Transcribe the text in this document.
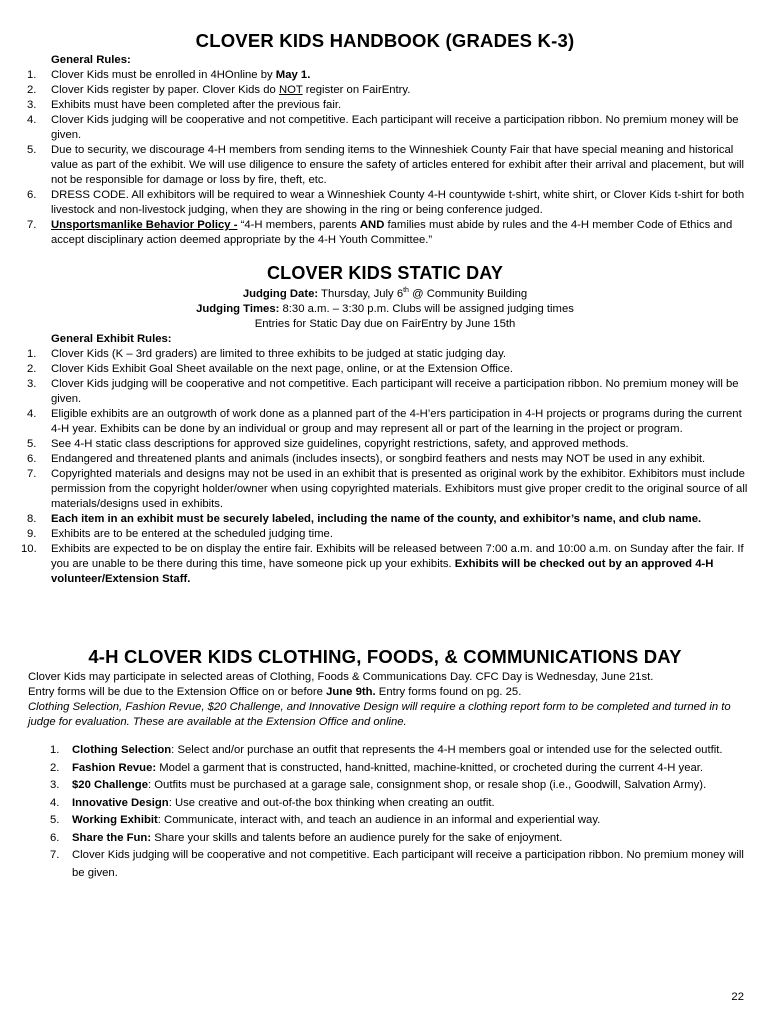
CLOVER KIDS HANDBOOK (GRADES K-3)
General Rules:
1.	Clover Kids must be enrolled in 4HOnline by May 1.
2.	Clover Kids register by paper. Clover Kids do NOT register on FairEntry.
3.	Exhibits must have been completed after the previous fair.
4.	Clover Kids judging will be cooperative and not competitive. Each participant will receive a participation ribbon. No premium money will be given.
5.	Due to security, we discourage 4-H members from sending items to the Winneshiek County Fair that have special meaning and historical value as part of the exhibit. We will use diligence to ensure the safety of articles entered for exhibit after their arrival and placement, but will not be responsible for damage or loss by fire, theft, etc.
6.	DRESS CODE. All exhibitors will be required to wear a Winneshiek County 4-H countywide t-shirt, white shirt, or Clover Kids t-shirt for both livestock and non-livestock judging, when they are showing in the ring or being conference judged.
7.	Unsportsmanlike Behavior Policy - “4-H members, parents AND families must abide by rules and the 4-H member Code of Ethics and accept disciplinary action deemed appropriate by the 4-H Youth Committee.”
CLOVER KIDS STATIC DAY
Judging Date: Thursday, July 6th @ Community Building
Judging Times: 8:30 a.m. – 3:30 p.m. Clubs will be assigned judging times
Entries for Static Day due on FairEntry by June 15th
General Exhibit Rules:
1.	Clover Kids (K – 3rd graders) are limited to three exhibits to be judged at static judging day.
2.	Clover Kids Exhibit Goal Sheet available on the next page, online, or at the Extension Office.
3.	Clover Kids judging will be cooperative and not competitive. Each participant will receive a participation ribbon. No premium money will be given.
4.	Eligible exhibits are an outgrowth of work done as a planned part of the 4-H’ers participation in 4-H projects or programs during the current 4-H year. Exhibits can be done by an individual or group and may represent all or part of the learning in the project or program.
5.	See 4-H static class descriptions for approved size guidelines, copyright restrictions, safety, and approved methods.
6.	Endangered and threatened plants and animals (includes insects), or songbird feathers and nests may NOT be used in any exhibit.
7.	Copyrighted materials and designs may not be used in an exhibit that is presented as original work by the exhibitor. Exhibitors must include permission from the copyright holder/owner when using copyrighted materials. Exhibitors must give proper credit to the original source of all materials/designs used in exhibits.
8.	Each item in an exhibit must be securely labeled, including the name of the county, and exhibitor’s name, and club name.
9.	Exhibits are to be entered at the scheduled judging time.
10.	Exhibits are expected to be on display the entire fair. Exhibits will be released between 7:00 a.m. and 10:00 a.m. on Sunday after the fair. If you are unable to be there during this time, have someone pick up your exhibits. Exhibits will be checked out by an approved 4-H volunteer/Extension Staff.
4-H CLOVER KIDS CLOTHING, FOODS, & COMMUNICATIONS DAY
Clover Kids may participate in selected areas of Clothing, Foods & Communications Day. CFC Day is Wednesday, June 21st.
Entry forms will be due to the Extension Office on or before June 9th. Entry forms found on pg. 25.
Clothing Selection, Fashion Revue, $20 Challenge, and Innovative Design will require a clothing report form to be completed and turned in to judge for evaluation. These are available at the Extension Office and online.
1. Clothing Selection: Select and/or purchase an outfit that represents the 4-H members goal or intended use for the selected outfit.
2. Fashion Revue: Model a garment that is constructed, hand-knitted, machine-knitted, or crocheted during the current 4-H year.
3. $20 Challenge: Outfits must be purchased at a garage sale, consignment shop, or resale shop (i.e., Goodwill, Salvation Army).
4. Innovative Design: Use creative and out-of-the box thinking when creating an outfit.
5. Working Exhibit: Communicate, interact with, and teach an audience in an informal and experiential way.
6. Share the Fun: Share your skills and talents before an audience purely for the sake of enjoyment.
7. Clover Kids judging will be cooperative and not competitive. Each participant will receive a participation ribbon. No premium money will be given.
22
